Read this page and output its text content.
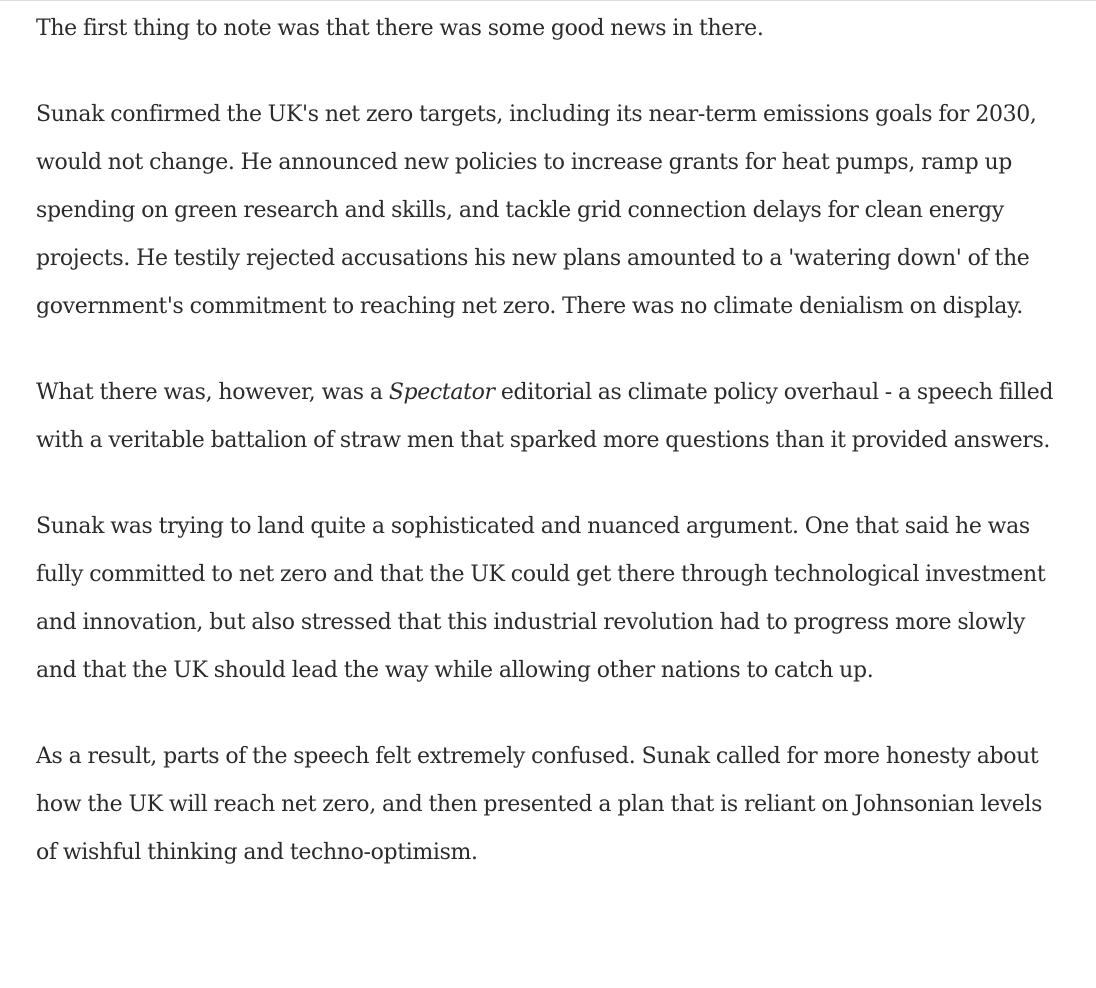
The first thing to note was that there was some good news in there.

Sunak confirmed the UK's net zero targets, including its near-term emissions goals for 2030, would not change. He announced new policies to increase grants for heat pumps, ramp up spending on green research and skills, and tackle grid connection delays for clean energy projects. He testily rejected accusations his new plans amounted to a 'watering down' of the government's commitment to reaching net zero. There was no climate denialism on display.

What there was, however, was a Spectator editorial as climate policy overhaul - a speech filled with a veritable battalion of straw men that sparked more questions than it provided answers.

Sunak was trying to land quite a sophisticated and nuanced argument. One that said he was fully committed to net zero and that the UK could get there through technological investment and innovation, but also stressed that this industrial revolution had to progress more slowly and that the UK should lead the way while allowing other nations to catch up.

As a result, parts of the speech felt extremely confused. Sunak called for more honesty about how the UK will reach net zero, and then presented a plan that is reliant on Johnsonian levels of wishful thinking and techno-optimism.
